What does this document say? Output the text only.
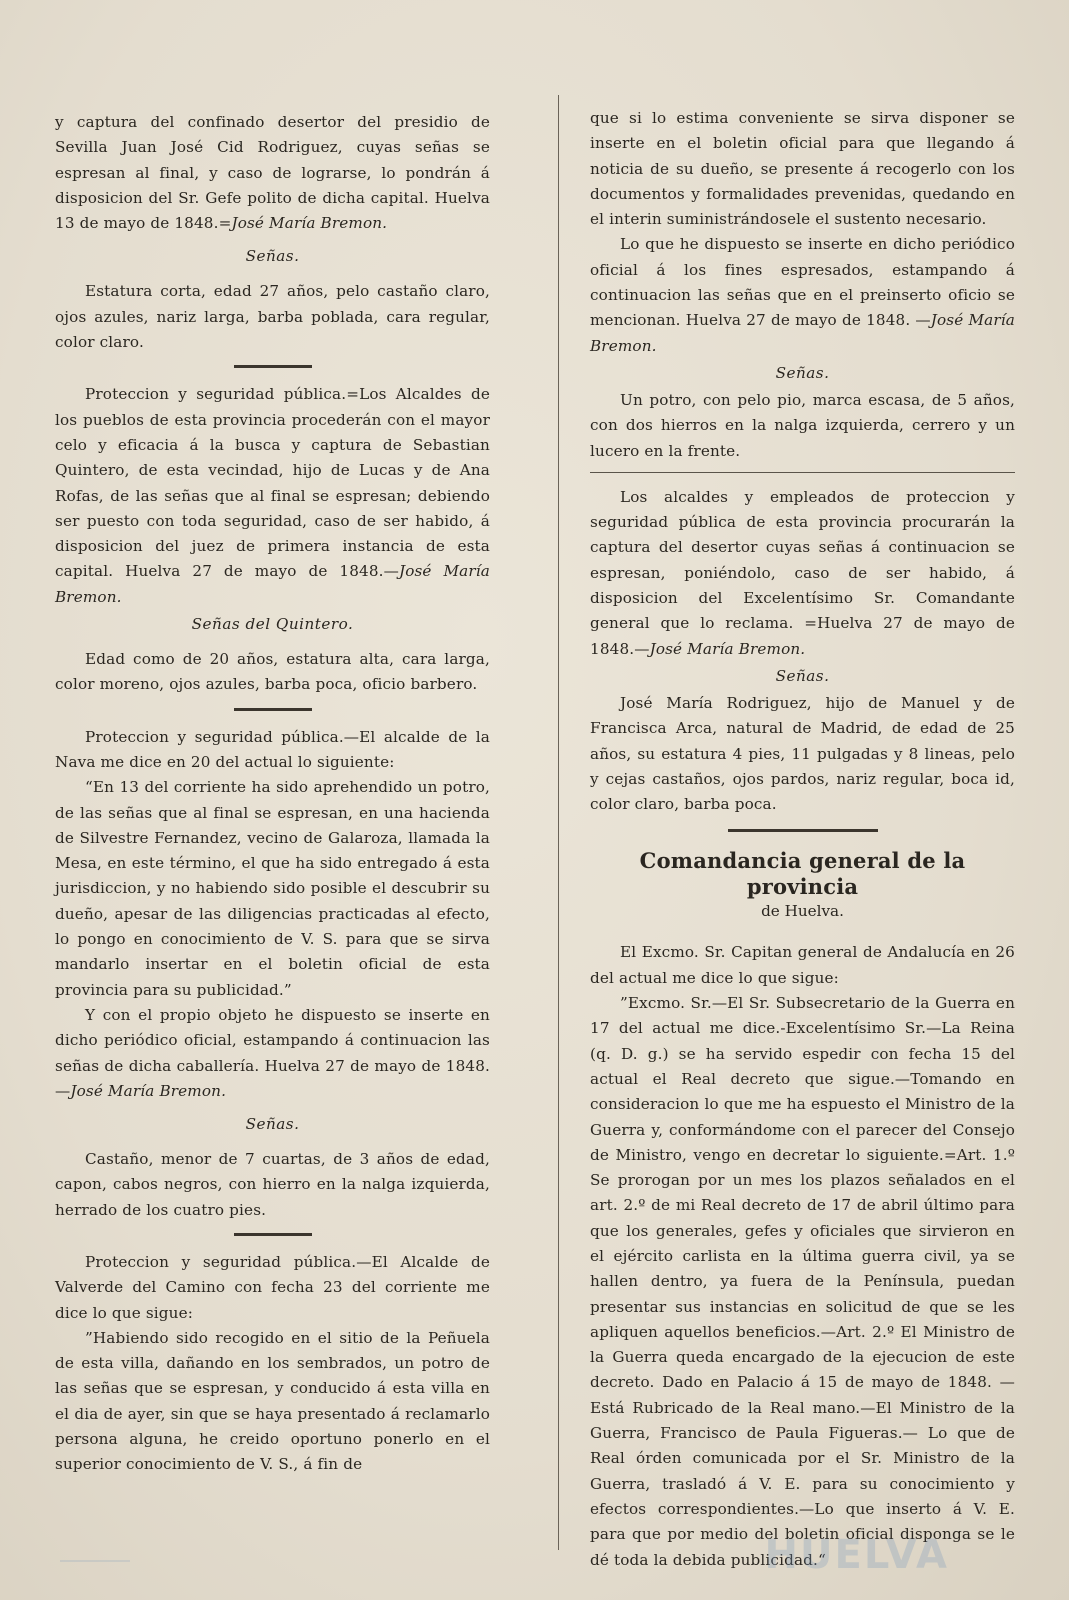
y captura del confinado desertor del presidio de Sevilla Juan José Cid Rodriguez, cuyas señas se espresan al final, y caso de lograrse, lo pondrán á disposicion del Sr. Gefe polito de dicha capital. Huelva 13 de mayo de 1848.=José María Bremon.

Señas.

Estatura corta, edad 27 años, pelo castaño claro, ojos azules, nariz larga, barba poblada, cara regular, color claro.

Proteccion y seguridad pública.=Los Alcaldes de los pueblos de esta provincia procederán con el mayor celo y eficacia á la busca y captura de Sebastian Quintero, de esta vecindad, hijo de Lucas y de Ana Rofas, de las señas que al final se espresan; debiendo ser puesto con toda seguridad, caso de ser habido, á disposicion del juez de primera instancia de esta capital. Huelva 27 de mayo de 1848.—José María Bremon.

Señas del Quintero.

Edad como de 20 años, estatura alta, cara larga, color moreno, ojos azules, barba poca, oficio barbero.

Proteccion y seguridad pública.—El alcalde de la Nava me dice en 20 del actual lo siguiente:

“En 13 del corriente ha sido aprehendido un potro, de las señas que al final se espresan, en una hacienda de Silvestre Fernandez, vecino de Galaroza, llamada la Mesa, en este término, el que ha sido entregado á esta jurisdiccion, y no habiendo sido posible el descubrir su dueño, apesar de las diligencias practicadas al efecto, lo pongo en conocimiento de V. S. para que se sirva mandarlo insertar en el boletin oficial de esta provincia para su publicidad.”

Y con el propio objeto he dispuesto se inserte en dicho periódico oficial, estampando á continuacion las señas de dicha caballería. Huelva 27 de mayo de 1848.—José María Bremon.

Señas.

Castaño, menor de 7 cuartas, de 3 años de edad, capon, cabos negros, con hierro en la nalga izquierda, herrado de los cuatro pies.

Proteccion y seguridad pública.—El Alcalde de Valverde del Camino con fecha 23 del corriente me dice lo que sigue:

”Habiendo sido recogido en el sitio de la Peñuela de esta villa, dañando en los sembrados, un potro de las señas que se espresan, y conducido á esta villa en el dia de ayer, sin que se haya presentado á reclamarlo persona alguna, he creido oportuno ponerlo en el superior conocimiento de V. S., á fin de

que si lo estima conveniente se sirva disponer se inserte en el boletin oficial para que llegando á noticia de su dueño, se presente á recogerlo con los documentos y formalidades prevenidas, quedando en el interin suministrándosele el sustento necesario.

Lo que he dispuesto se inserte en dicho periódico oficial á los fines espresados, estampando á continuacion las señas que en el preinserto oficio se mencionan. Huelva 27 de mayo de 1848. —José María Bremon.

Señas.

Un potro, con pelo pio, marca escasa, de 5 años, con dos hierros en la nalga izquierda, cerrero y un lucero en la frente.

Los alcaldes y empleados de proteccion y seguridad pública de esta provincia procurarán la captura del desertor cuyas señas á continuacion se espresan, poniéndolo, caso de ser habido, á disposicion del Excelentísimo Sr. Comandante general que lo reclama. =Huelva 27 de mayo de 1848.—José María Bremon.

Señas.

José María Rodriguez, hijo de Manuel y de Francisca Arca, natural de Madrid, de edad de 25 años, su estatura 4 pies, 11 pulgadas y 8 lineas, pelo y cejas castaños, ojos pardos, nariz regular, boca id, color claro, barba poca.

Comandancia general de la provincia
de Huelva.

El Excmo. Sr. Capitan general de Andalucía en 26 del actual me dice lo que sigue:

”Excmo. Sr.—El Sr. Subsecretario de la Guerra en 17 del actual me dice.-Excelentísimo Sr.—La Reina (q. D. g.) se ha servido espedir con fecha 15 del actual el Real decreto que sigue.—Tomando en consideracion lo que me ha espuesto el Ministro de la Guerra y, conformándome con el parecer del Consejo de Ministro, vengo en decretar lo siguiente.=Art. 1.º Se prorogan por un mes los plazos señalados en el art. 2.º de mi Real decreto de 17 de abril último para que los generales, gefes y oficiales que sirvieron en el ejército carlista en la última guerra civil, ya se hallen dentro, ya fuera de la Península, puedan presentar sus instancias en solicitud de que se les apliquen aquellos beneficios.—Art. 2.º El Ministro de la Guerra queda encargado de la ejecucion de este decreto. Dado en Palacio á 15 de mayo de 1848. —Está Rubricado de la Real mano.—El Ministro de la Guerra, Francisco de Paula Figueras.— Lo que de Real órden comunicada por el Sr. Ministro de la Guerra, trasladó á V. E. para su conocimiento y efectos correspondientes.—Lo que inserto á V. E. para que por medio del boletin oficial disponga se le dé toda la debida publicidad.“

HUELVA
